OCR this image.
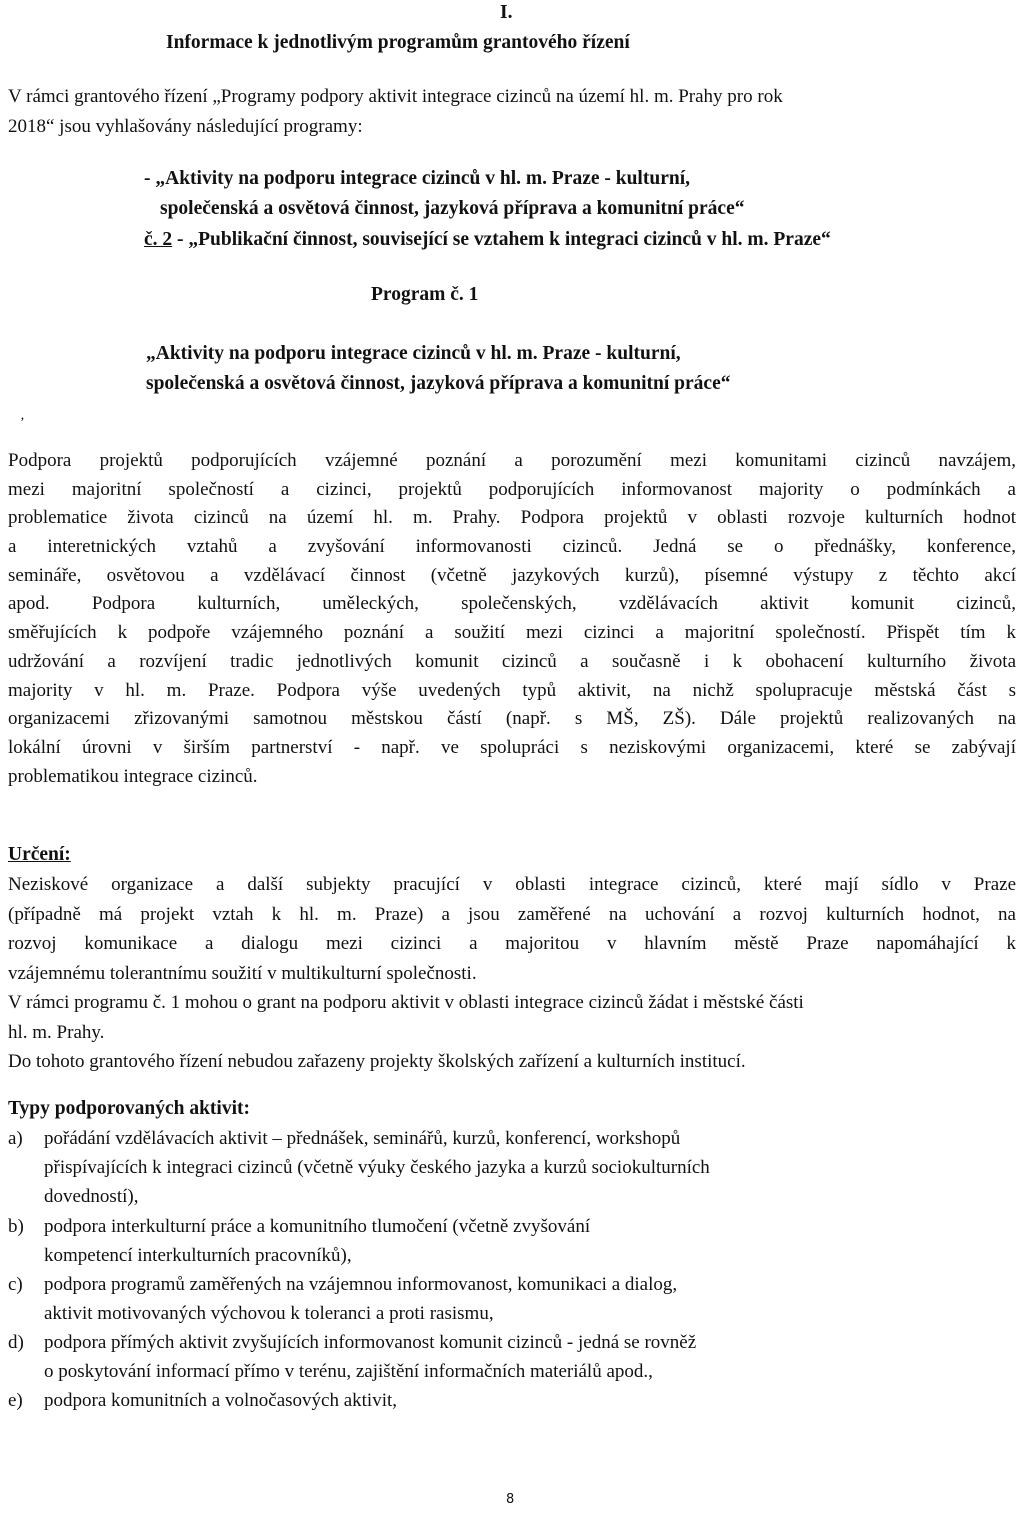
I.
Informace k jednotlivým programům grantového řízení
V rámci grantového řízení „Programy podpory aktivit integrace cizinců na území hl. m. Prahy pro rok
2018“ jsou vyhlašovány následující programy:
- „Aktivity na podporu integrace cizinců v hl. m. Praze - kulturní,
společenská a osvětová činnost, jazyková příprava a komunitní práce“
č. 2 - „Publikační činnost, související se vztahem k integraci cizinců v hl. m. Praze“
Program č. 1
„Aktivity na podporu integrace cizinců v hl. m. Praze - kulturní,
společenská a osvětová činnost, jazyková příprava a komunitní práce“
‚
Podpora projektů podporujících vzájemné poznání a porozumění mezi komunitami cizinců navzájem,
mezi majoritní společností a cizinci, projektů podporujících informovanost majority o podmínkách a
problematice života cizinců na území hl. m. Prahy. Podpora projektů v oblasti rozvoje kulturních hodnot
a interetnických vztahů a zvyšování informovanosti cizinců. Jedná se o přednášky, konference,
semináře, osvětovou a vzdělávací činnost (včetně jazykových kurzů), písemné výstupy z těchto akcí
apod. Podpora kulturních, uměleckých, společenských, vzdělávacích aktivit komunit cizinců,
směřujících k podpoře vzájemného poznání a soužití mezi cizinci a majoritní společností. Přispět tím k
udržování a rozvíjení tradic jednotlivých komunit cizinců a současně i k obohacení kulturního života
majority v hl. m. Praze. Podpora výše uvedených typů aktivit, na nichž spolupracuje městská část s
organizacemi zřizovanými samotnou městskou částí (např. s MŠ, ZŠ). Dále projektů realizovaných na
lokální úrovni v širším partnerství - např. ve spolupráci s neziskovými organizacemi, které se zabývají
problematikou integrace cizinců.
Určení:
Neziskové organizace a další subjekty pracující v oblasti integrace cizinců, které mají sídlo v Praze
(případně má projekt vztah k hl. m. Praze) a jsou zaměřené na uchování a rozvoj kulturních hodnot, na
rozvoj komunikace a dialogu mezi cizinci a majoritou v hlavním městě Praze napomáhající k
vzájemnému tolerantnímu soužití v multikulturní společnosti.
V rámci programu č. 1 mohou o grant na podporu aktivit v oblasti integrace cizinců žádat i městské části
hl. m. Prahy.
Do tohoto grantového řízení nebudou zařazeny projekty školských zařízení a kulturních institucí.
Typy podporovaných aktivit:
a)	pořádání vzdělávacích aktivit – přednášek, seminářů, kurzů, konferencí, workshopů
přispívajících k integraci cizinců (včetně výuky českého jazyka a kurzů sociokulturních
dovedností),
b)	podpora interkulturní práce a komunitního tlumočení (včetně zvyšování
kompetencí interkulturních pracovníků),
c)	podpora programů zaměřených na vzájemnou informovanost, komunikaci a dialog,
aktivit motivovaných výchovou k toleranci a proti rasismu,
d)	podpora přímých aktivit zvyšujících informovanost komunit cizinců - jedná se rovněž
o poskytování informací přímo v terénu, zajištění informačních materiálů apod.,
e)	podpora komunitních a volnočasových aktivit,
8
